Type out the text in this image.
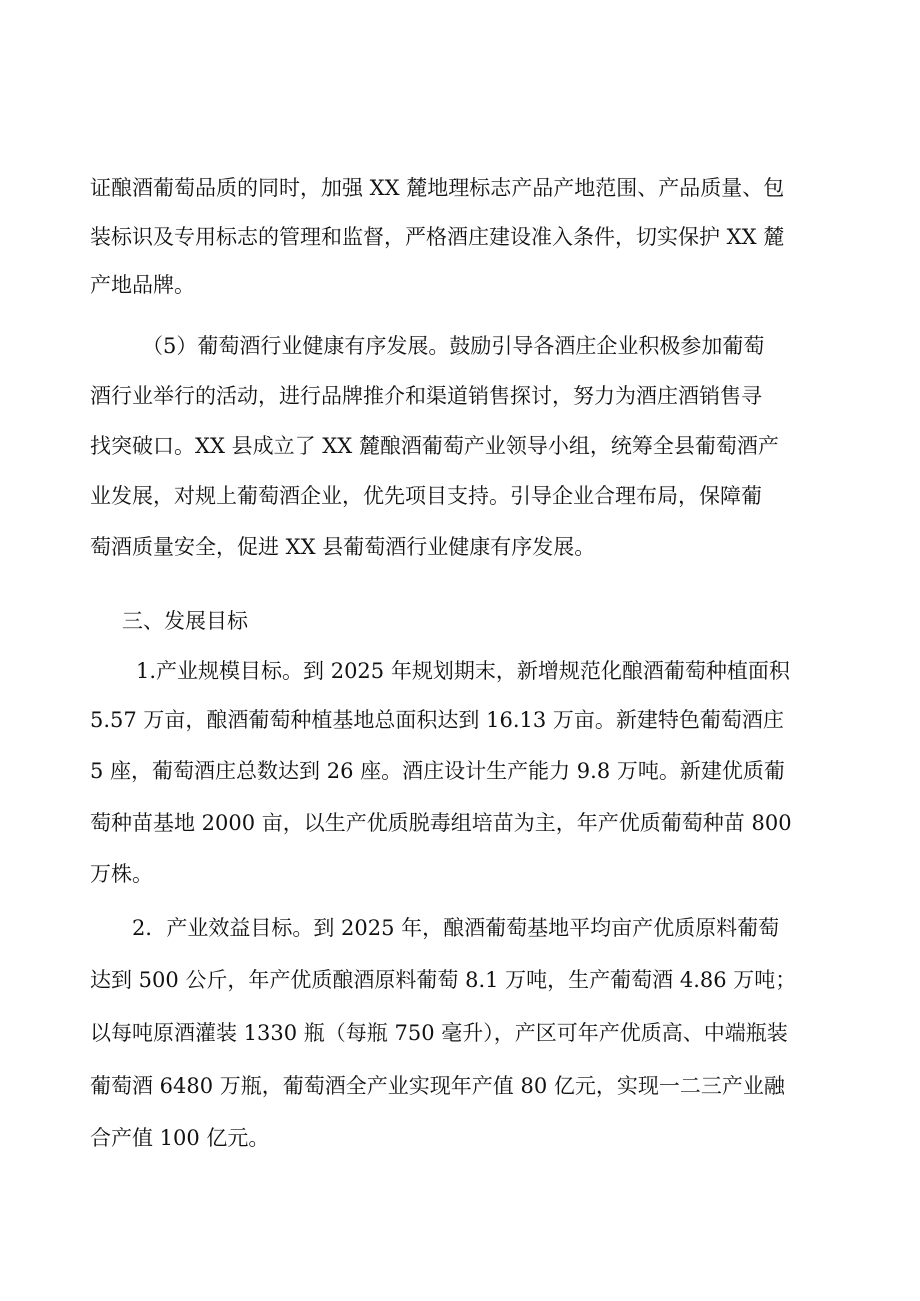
证酿酒葡萄品质的同时，加强 XX 麓地理标志产品产地范围、产品质量、包
装标识及专用标志的管理和监督，严格酒庄建设准入条件，切实保护 XX 麓
产地品牌。
（5）葡萄酒行业健康有序发展。鼓励引导各酒庄企业积极参加葡萄
酒行业举行的活动，进行品牌推介和渠道销售探讨，努力为酒庄酒销售寻
找突破口。XX 县成立了 XX 麓酿酒葡萄产业领导小组，统筹全县葡萄酒产
业发展，对规上葡萄酒企业，优先项目支持。引导企业合理布局，保障葡
萄酒质量安全，促进 XX 县葡萄酒行业健康有序发展。
三、发展目标
1.产业规模目标。到 2025 年规划期末，新增规范化酿酒葡萄种植面积
5.57 万亩，酿酒葡萄种植基地总面积达到 16.13 万亩。新建特色葡萄酒庄
5 座，葡萄酒庄总数达到 26 座。酒庄设计生产能力 9.8 万吨。新建优质葡
萄种苗基地 2000 亩，以生产优质脱毒组培苗为主，年产优质葡萄种苗 800
万株。
2．产业效益目标。到 2025 年，酿酒葡萄基地平均亩产优质原料葡萄
达到 500 公斤，年产优质酿酒原料葡萄 8.1 万吨，生产葡萄酒 4.86 万吨；
以每吨原酒灌装 1330 瓶（每瓶 750 毫升），产区可年产优质高、中端瓶装
葡萄酒 6480 万瓶，葡萄酒全产业实现年产值 80 亿元，实现一二三产业融
合产值 100 亿元。
